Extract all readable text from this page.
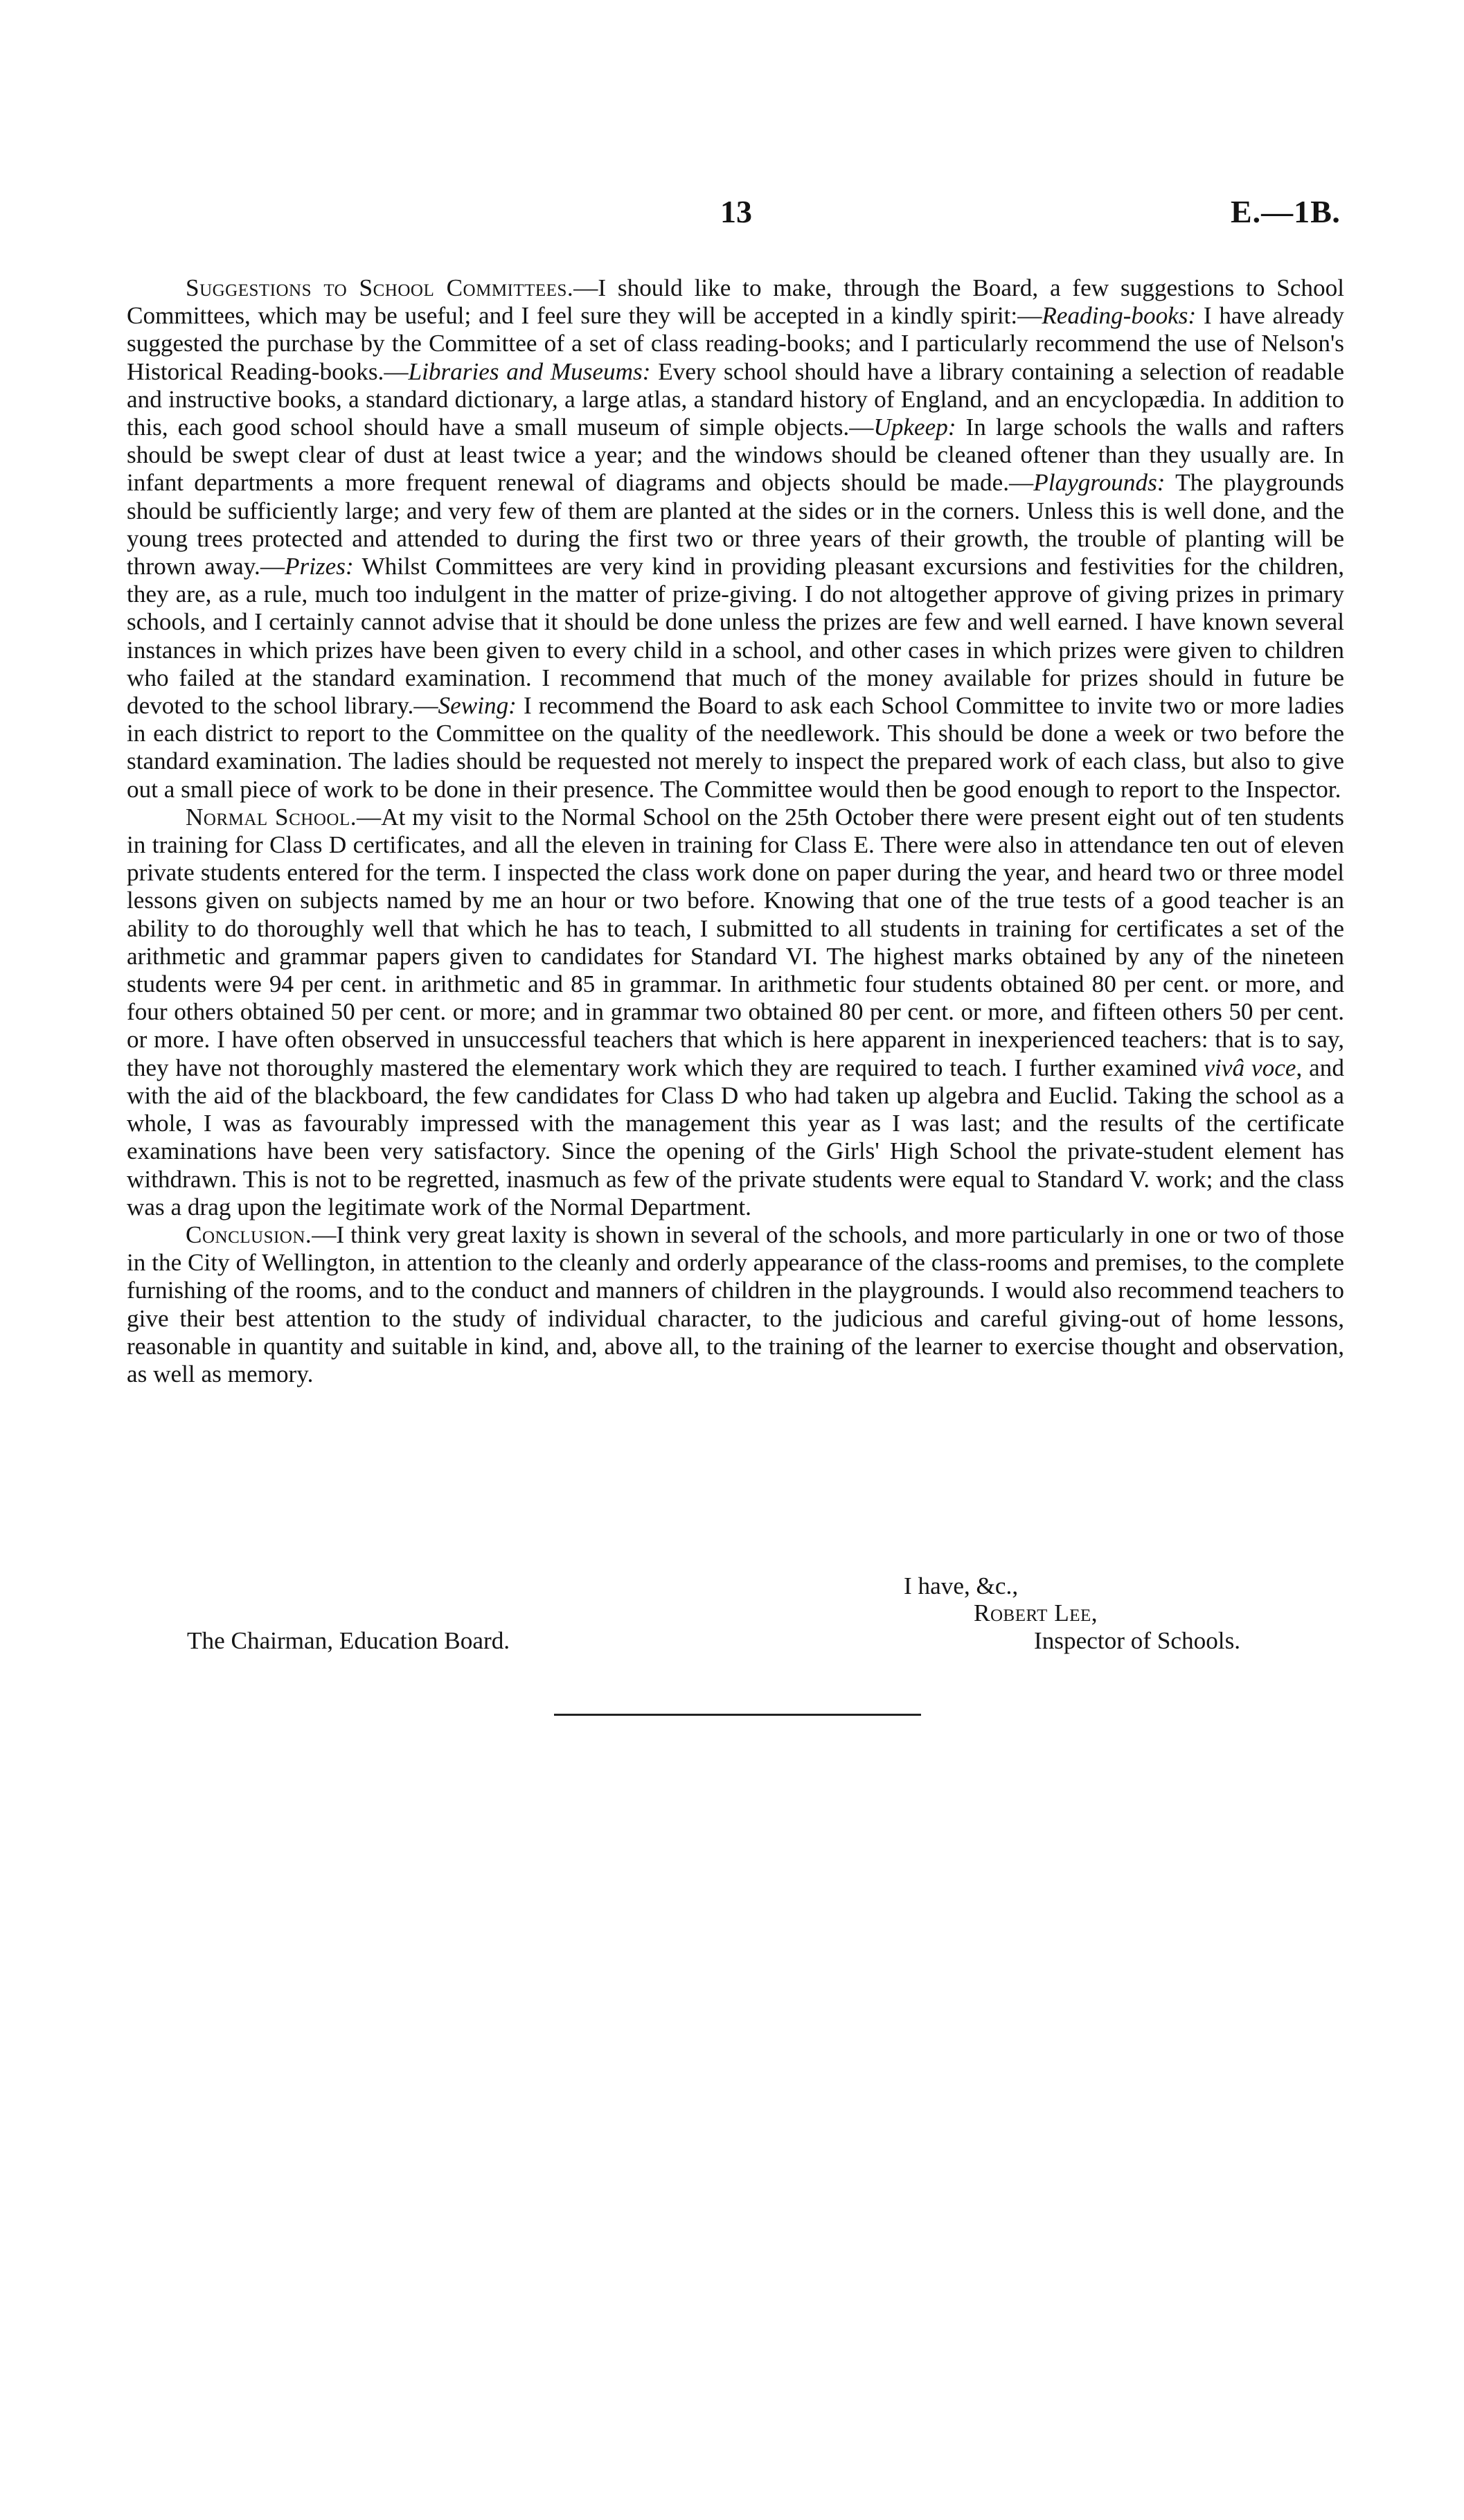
13	E.—1B.

Suggestions to School Committees.—I should like to make, through the Board, a few suggestions to School Committees, which may be useful; and I feel sure they will be accepted in a kindly spirit:—Reading-books: I have already suggested the purchase by the Committee of a set of class reading-books; and I particularly recommend the use of Nelson's Historical Reading-books.—Libraries and Museums: Every school should have a library containing a selection of readable and instructive books, a standard dictionary, a large atlas, a standard history of England, and an encyclopædia. In addition to this, each good school should have a small museum of simple objects.—Upkeep: In large schools the walls and rafters should be swept clear of dust at least twice a year; and the windows should be cleaned oftener than they usually are. In infant departments a more frequent renewal of diagrams and objects should be made.—Playgrounds: The playgrounds should be sufficiently large; and very few of them are planted at the sides or in the corners. Unless this is well done, and the young trees protected and attended to during the first two or three years of their growth, the trouble of planting will be thrown away.—Prizes: Whilst Committees are very kind in providing pleasant excursions and festivities for the children, they are, as a rule, much too indulgent in the matter of prize-giving. I do not altogether approve of giving prizes in primary schools, and I certainly cannot advise that it should be done unless the prizes are few and well earned. I have known several instances in which prizes have been given to every child in a school, and other cases in which prizes were given to children who failed at the standard examination. I recommend that much of the money available for prizes should in future be devoted to the school library.—Sewing: I recommend the Board to ask each School Committee to invite two or more ladies in each district to report to the Committee on the quality of the needlework. This should be done a week or two before the standard examination. The ladies should be requested not merely to inspect the prepared work of each class, but also to give out a small piece of work to be done in their presence. The Committee would then be good enough to report to the Inspector.

Normal School.—At my visit to the Normal School on the 25th October there were present eight out of ten students in training for Class D certificates, and all the eleven in training for Class E. There were also in attendance ten out of eleven private students entered for the term. I inspected the class work done on paper during the year, and heard two or three model lessons given on subjects named by me an hour or two before. Knowing that one of the true tests of a good teacher is an ability to do thoroughly well that which he has to teach, I submitted to all students in training for certificates a set of the arithmetic and grammar papers given to candidates for Standard VI. The highest marks obtained by any of the nineteen students were 94 per cent. in arithmetic and 85 in grammar. In arithmetic four students obtained 80 per cent. or more, and four others obtained 50 per cent. or more; and in grammar two obtained 80 per cent. or more, and fifteen others 50 per cent. or more. I have often observed in unsuccessful teachers that which is here apparent in inexperienced teachers: that is to say, they have not thoroughly mastered the elementary work which they are required to teach. I further examined vivâ voce, and with the aid of the blackboard, the few candidates for Class D who had taken up algebra and Euclid. Taking the school as a whole, I was as favourably impressed with the management this year as I was last; and the results of the certificate examinations have been very satisfactory. Since the opening of the Girls' High School the private-student element has withdrawn. This is not to be regretted, inasmuch as few of the private students were equal to Standard V. work; and the class was a drag upon the legitimate work of the Normal Department.

Conclusion.—I think very great laxity is shown in several of the schools, and more particularly in one or two of those in the City of Wellington, in attention to the cleanly and orderly appearance of the class-rooms and premises, to the complete furnishing of the rooms, and to the conduct and manners of children in the playgrounds. I would also recommend teachers to give their best attention to the study of individual character, to the judicious and careful giving-out of home lessons, reasonable in quantity and suitable in kind, and, above all, to the training of the learner to exercise thought and observation, as well as memory.

I have, &c.,
Robert Lee,
The Chairman, Education Board.	Inspector of Schools.
